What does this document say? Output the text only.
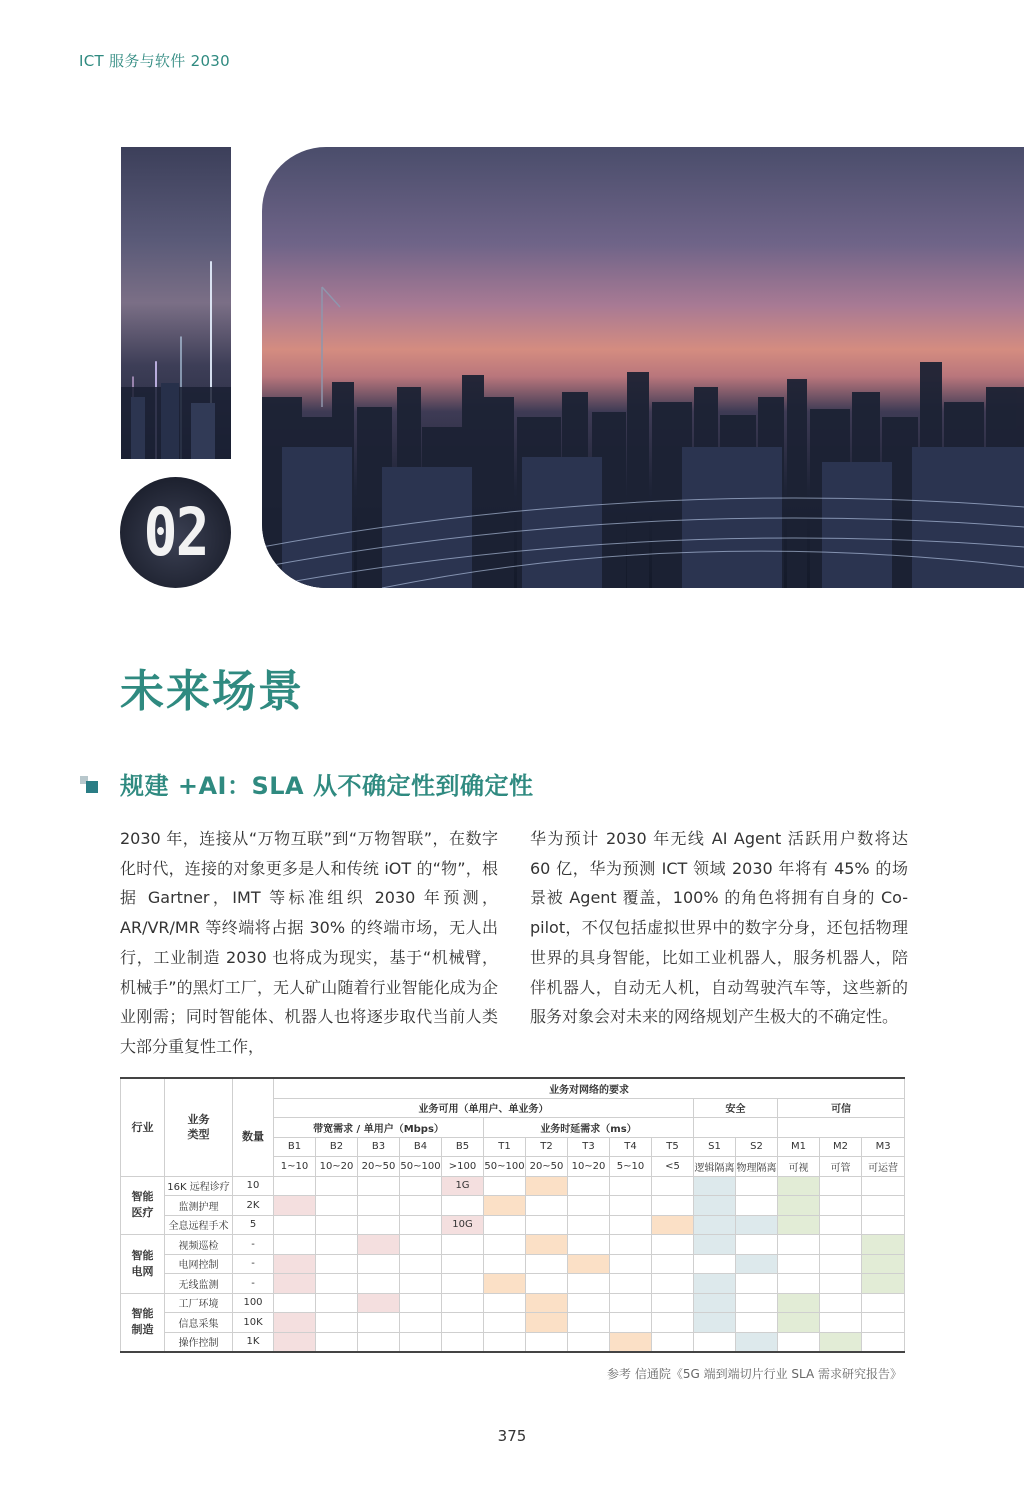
ICT 服务与软件 2030
02
未来场景
规建 +AI：SLA 从不确定性到确定性

2030 年，连接从“万物互联”到“万物智联”，在数字化时代，连接的对象更多是人和传统 iOT 的“物”，根据 Gartner，IMT 等标准组织 2030 年预测，AR/VR/MR 等终端将占据 30% 的终端市场，无人出行，工业制造 2030 也将成为现实，基于“机械臂，机械手”的黑灯工厂，无人矿山随着行业智能化成为企业刚需；同时智能体、机器人也将逐步取代当前人类大部分重复性工作，

华为预计 2030 年无线 AI Agent 活跃用户数将达 60 亿，华为预测 ICT 领域 2030 年将有 45% 的场景被 Agent 覆盖，100% 的角色将拥有自身的 Co-pilot，不仅包括虚拟世界中的数字分身，还包括物理世界的具身智能，比如工业机器人，服务机器人，陪伴机器人，自动无人机，自动驾驶汽车等，这些新的服务对象会对未来的网络规划产生极大的不确定性。

行业	业务类型		业务对网络的要求														
		数量	业务可用（单用户、单业务）										安全		可信		
			带宽需求 / 单用户（Mbps）					业务时延需求（ms）									
			B1	B2	B3	B4	B5	T1	T2	T3	T4	T5	S1	S2	M1	M2	M3
			1~10	10~20	20~50	50~100	>100	50~100	20~50	10~20	5~10	<5	逻辑隔离	物理隔离	可视	可管	可运营
智能医疗	16K 远程诊疗	10					1G										
	监测护理	2K															
	全息远程手术	5					10G										
智能电网	视频巡检	-															
	电网控制	-															
	无线监测	-															
智能制造	工厂环境	100															
	信息采集	10K															
	操作控制	1K															
参考 信通院《5G 端到端切片行业 SLA 需求研究报告》
375
